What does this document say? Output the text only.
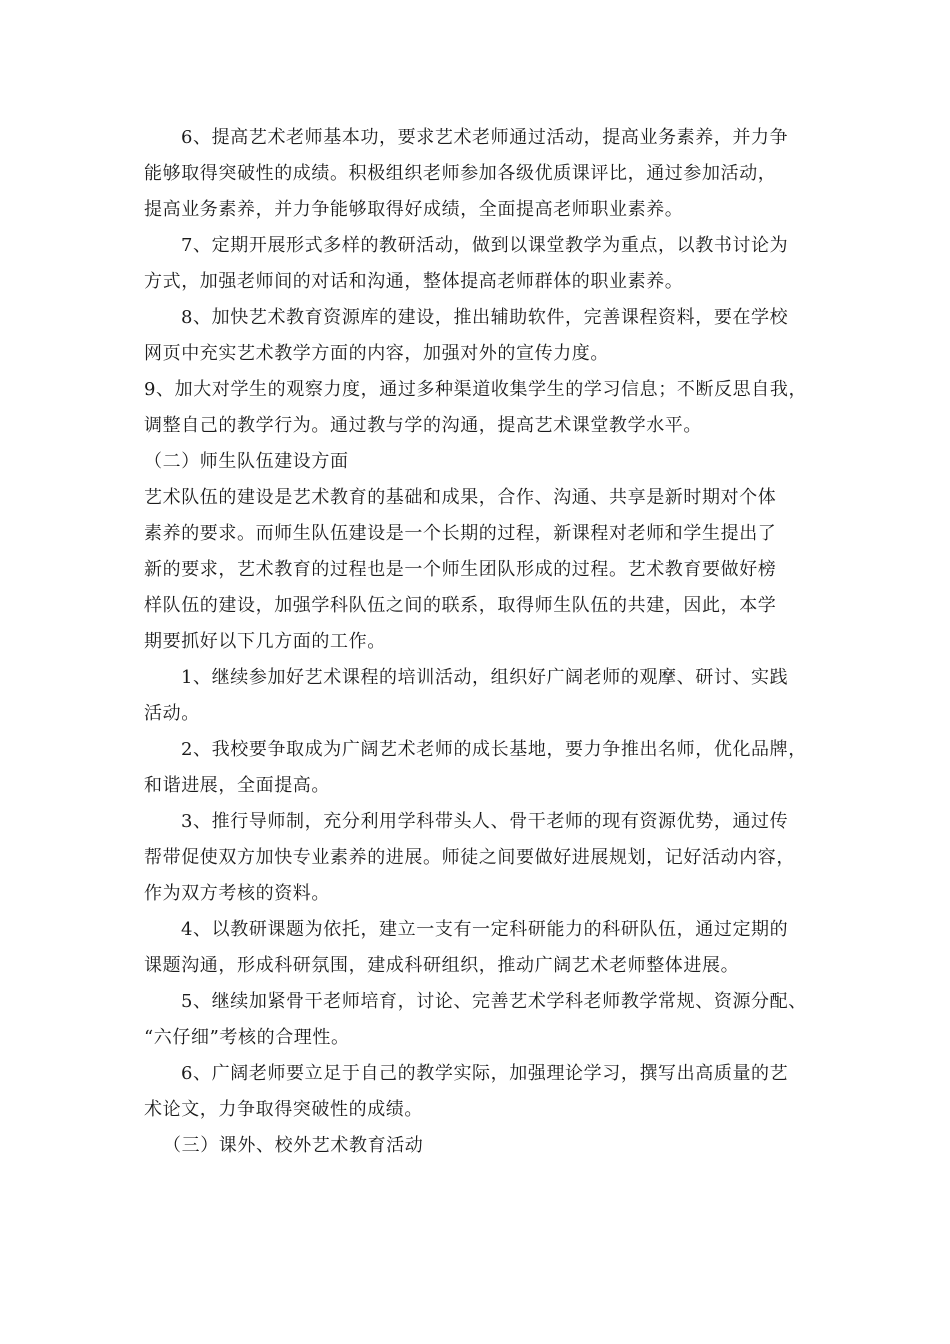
6、提高艺术老师基本功，要求艺术老师通过活动，提高业务素养，并力争
能够取得突破性的成绩。积极组织老师参加各级优质课评比，通过参加活动，
提高业务素养，并力争能够取得好成绩，全面提高老师职业素养。
7、定期开展形式多样的教研活动，做到以课堂教学为重点，以教书讨论为
方式，加强老师间的对话和沟通，整体提高老师群体的职业素养。
8、加快艺术教育资源库的建设，推出辅助软件，完善课程资料，要在学校
网页中充实艺术教学方面的内容，加强对外的宣传力度。
9、加大对学生的观察力度，通过多种渠道收集学生的学习信息；不断反思自我，
调整自己的教学行为。通过教与学的沟通，提高艺术课堂教学水平。
（二）师生队伍建设方面
艺术队伍的建设是艺术教育的基础和成果，合作、沟通、共享是新时期对个体
素养的要求。而师生队伍建设是一个长期的过程，新课程对老师和学生提出了
新的要求，艺术教育的过程也是一个师生团队形成的过程。艺术教育要做好榜
样队伍的建设，加强学科队伍之间的联系，取得师生队伍的共建，因此，本学
期要抓好以下几方面的工作。
1、继续参加好艺术课程的培训活动，组织好广阔老师的观摩、研讨、实践
活动。
2、我校要争取成为广阔艺术老师的成长基地，要力争推出名师，优化品牌，
和谐进展，全面提高。
3、推行导师制，充分利用学科带头人、骨干老师的现有资源优势，通过传
帮带促使双方加快专业素养的进展。师徒之间要做好进展规划，记好活动内容，
作为双方考核的资料。
4、以教研课题为依托，建立一支有一定科研能力的科研队伍，通过定期的
课题沟通，形成科研氛围，建成科研组织，推动广阔艺术老师整体进展。
5、继续加紧骨干老师培育，讨论、完善艺术学科老师教学常规、资源分配、
“六仔细”考核的合理性。
6、广阔老师要立足于自己的教学实际，加强理论学习，撰写出高质量的艺
术论文，力争取得突破性的成绩。
（三）课外、校外艺术教育活动
